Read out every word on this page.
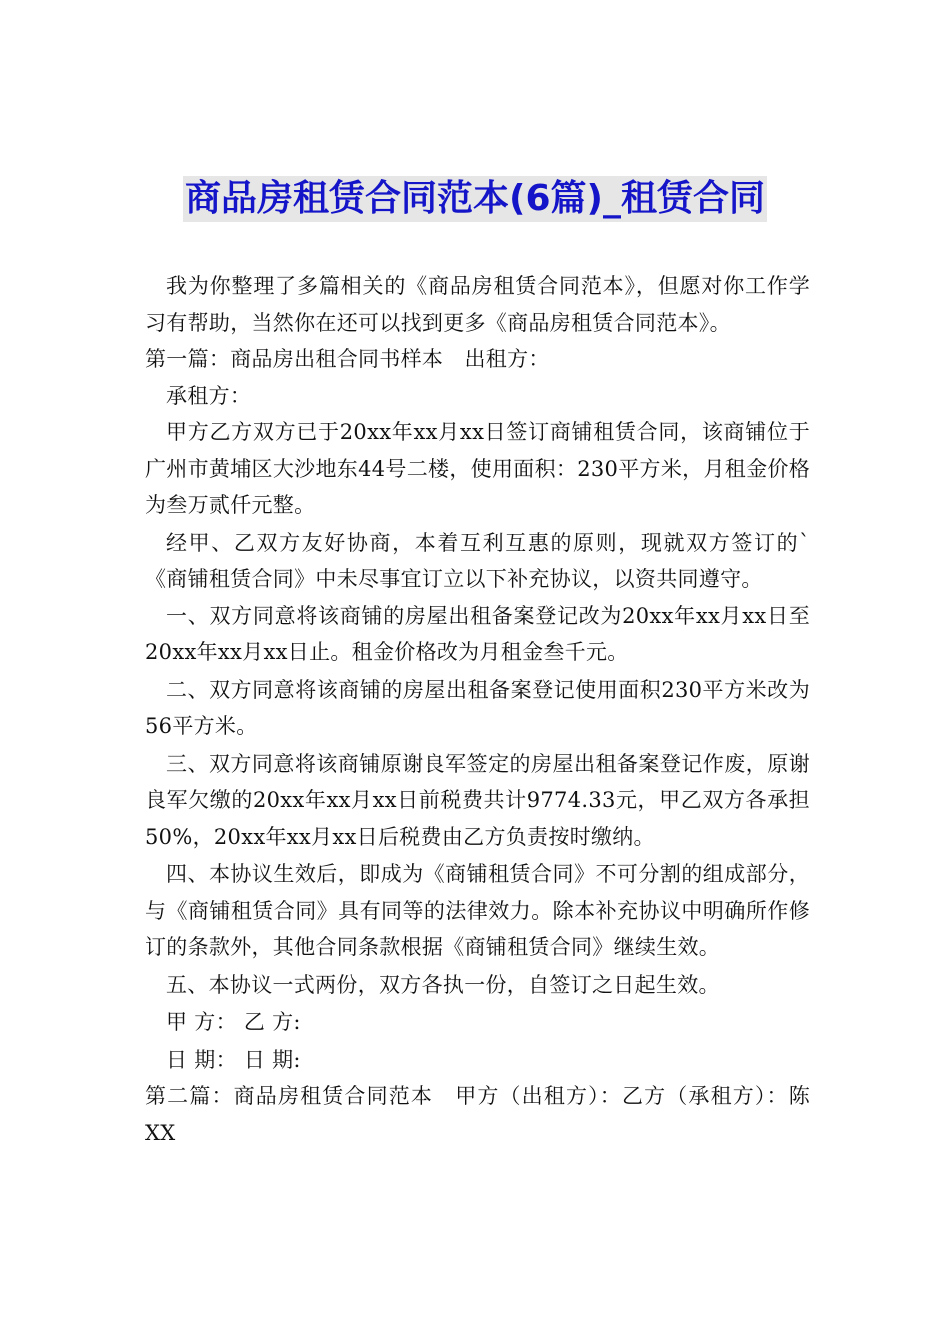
商品房租赁合同范本(6篇)_租赁合同

我为你整理了多篇相关的《商品房租赁合同范本》，但愿对你工作学习有帮助，当然你在还可以找到更多《商品房租赁合同范本》。

第一篇：商品房出租合同书样本　出租方：

承租方：

甲方乙方双方已于20xx年xx月xx日签订商铺租赁合同，该商铺位于广州市黄埔区大沙地东44号二楼，使用面积：230平方米，月租金价格为叁万贰仟元整。

经甲、乙双方友好协商，本着互利互惠的原则，现就双方签订的`《商铺租赁合同》中未尽事宜订立以下补充协议，以资共同遵守。

一、双方同意将该商铺的房屋出租备案登记改为20xx年xx月xx日至20xx年xx月xx日止。租金价格改为月租金叁千元。

二、双方同意将该商铺的房屋出租备案登记使用面积230平方米改为56平方米。

三、双方同意将该商铺原谢良军签定的房屋出租备案登记作废，原谢良军欠缴的20xx年xx月xx日前税费共计9774.33元，甲乙双方各承担50%，20xx年xx月xx日后税费由乙方负责按时缴纳。

四、本协议生效后，即成为《商铺租赁合同》不可分割的组成部分，与《商铺租赁合同》具有同等的法律效力。除本补充协议中明确所作修订的条款外，其他合同条款根据《商铺租赁合同》继续生效。

五、本协议一式两份，双方各执一份，自签订之日起生效。

甲 方： 乙 方:

日 期： 日 期:

第二篇：商品房租赁合同范本　甲方（出租方）：乙方（承租方）：陈XX
